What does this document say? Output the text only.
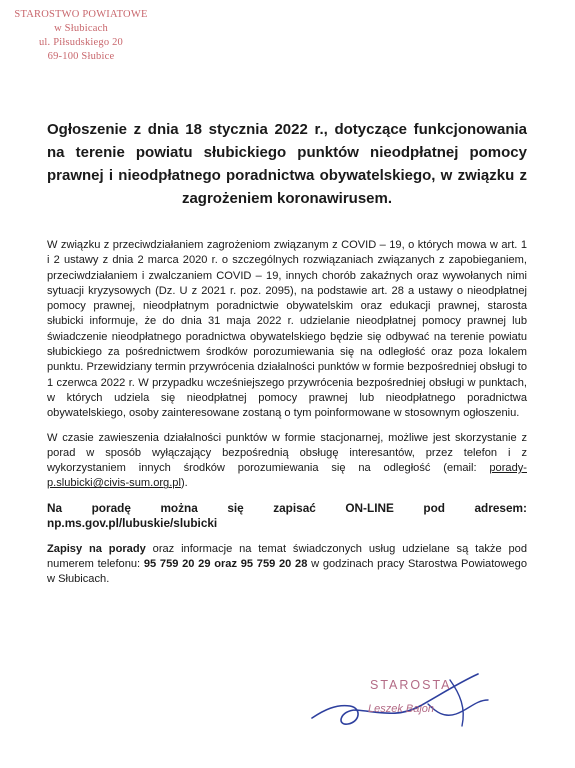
STAROSTWO POWIATOWE
w Słubicach
ul. Piłsudskiego 20
69-100 Słubice
Ogłoszenie z dnia 18 stycznia 2022 r., dotyczące funkcjonowania na terenie powiatu słubickiego punktów nieodpłatnej pomocy prawnej i nieodpłatnego poradnictwa obywatelskiego, w związku z zagrożeniem koronawirusem.

W związku z przeciwdziałaniem zagrożeniom związanym z COVID – 19, o których mowa w art. 1 i 2 ustawy z dnia 2 marca 2020 r. o szczególnych rozwiązaniach związanych z zapobieganiem, przeciwdziałaniem i zwalczaniem COVID – 19, innych chorób zakaźnych oraz wywołanych nimi sytuacji kryzysowych (Dz. U z 2021 r. poz. 2095), na podstawie art. 28 a ustawy o nieodpłatnej pomocy prawnej, nieodpłatnym poradnictwie obywatelskim oraz edukacji prawnej, starosta słubicki informuje, że do dnia 31 maja 2022 r. udzielanie nieodpłatnej pomocy prawnej lub świadczenie nieodpłatnego poradnictwa obywatelskiego będzie się odbywać na terenie powiatu słubickiego za pośrednictwem środków porozumiewania się na odległość oraz poza lokalem punktu. Przewidziany termin przywrócenia działalności punktów w formie bezpośredniej obsługi to 1 czerwca 2022 r. W przypadku wcześniejszego przywrócenia bezpośredniej obsługi w punktach, w których udziela się nieodpłatnej pomocy prawnej lub nieodpłatnego poradnictwa obywatelskiego, osoby zainteresowane zostaną o tym poinformowane w stosownym ogłoszeniu.

W czasie zawieszenia działalności punktów w formie stacjonarnej, możliwe jest skorzystanie z porad w sposób wyłączający bezpośrednią obsługę interesantów, przez telefon i z wykorzystaniem innych środków porozumiewania się na odległość (email: porady-p.slubicki@civis-sum.org.pl).

Na	poradę	można	się	zapisać	ON-LINE	pod	adresem:
np.ms.gov.pl/lubuskie/slubicki

Zapisy na porady oraz informacje na temat świadczonych usług udzielane są także pod numerem telefonu: 95 759 20 29 oraz 95 759 20 28 w godzinach pracy Starostwa Powiatowego w Słubicach.

STAROSTA
Leszek Bajon
